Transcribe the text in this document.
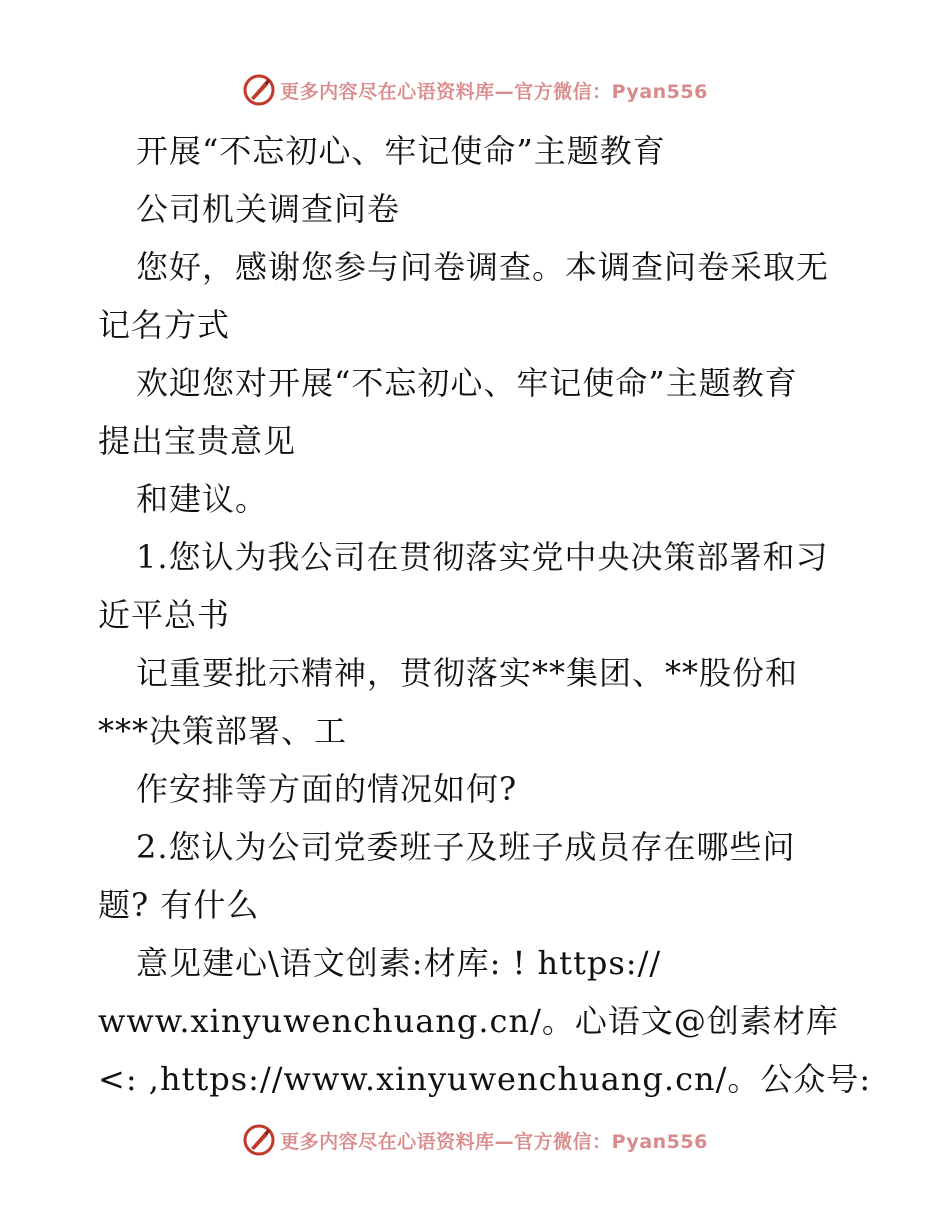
更多内容尽在心语资料库—官方微信：Pyan556
开展“不忘初心、牢记使命”主题教育
公司机关调查问卷
您好，感谢您参与问卷调查。本调查问卷采取无
记名方式
欢迎您对开展“不忘初心、牢记使命”主题教育
提出宝贵意见
和建议。
1.您认为我公司在贯彻落实党中央决策部署和习
近平总书
记重要批示精神，贯彻落实**集团、**股份和
***决策部署、工
作安排等方面的情况如何?
2.您认为公司党委班子及班子成员存在哪些问
题? 有什么
意见建心\语文创素:材库: ! https://
www.xinyuwenchuang.cn/。心语文@创素材库
<: ,https://www.xinyuwenchuang.cn/。公众号:
更多内容尽在心语资料库—官方微信：Pyan556
